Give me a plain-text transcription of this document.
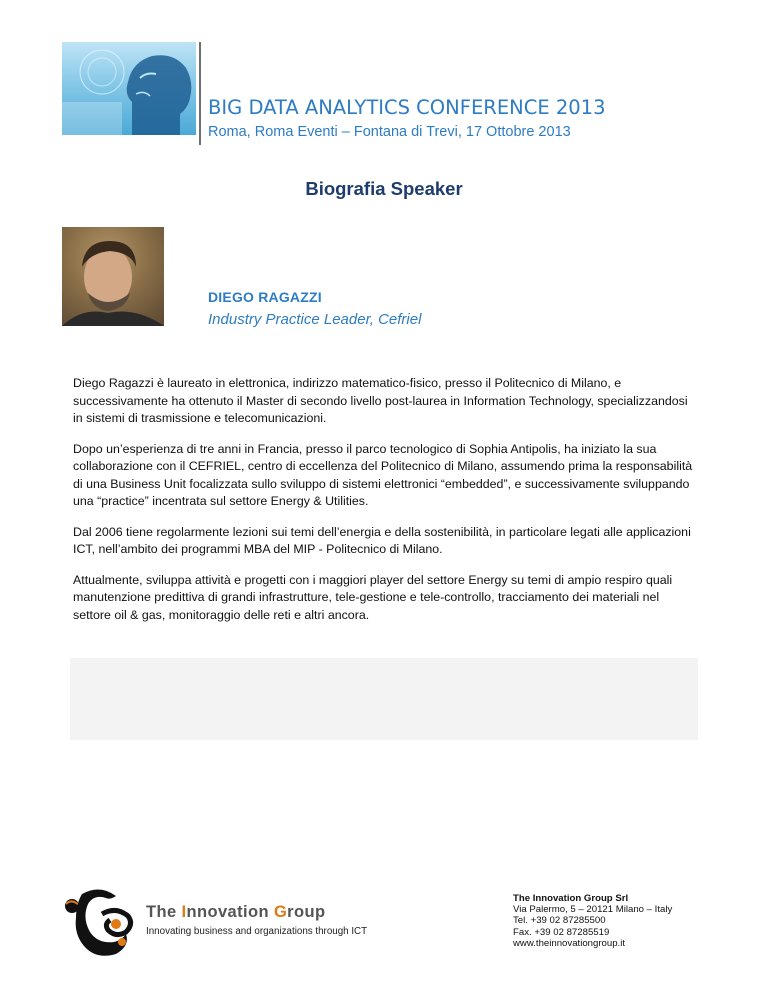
BIG DATA ANALYTICS CONFERENCE 2013
Roma, Roma Eventi – Fontana di Trevi, 17 Ottobre 2013
Biografia Speaker
DIEGO RAGAZZI
Industry Practice Leader, Cefriel

Diego Ragazzi è laureato in elettronica, indirizzo matematico-fisico, presso il Politecnico di Milano, e successivamente ha ottenuto il Master di secondo livello post-laurea in Information Technology, specializzandosi in sistemi di trasmissione e telecomunicazioni.

Dopo un’esperienza di tre anni in Francia, presso il parco tecnologico di Sophia Antipolis, ha iniziato la sua collaborazione con il CEFRIEL, centro di eccellenza del Politecnico di Milano, assumendo prima la responsabilità di una Business Unit focalizzata sullo sviluppo di sistemi elettronici “embedded”, e successivamente sviluppando una “practice” incentrata sul settore Energy & Utilities.

Dal 2006 tiene regolarmente lezioni sui temi dell’energia e della sostenibilità, in particolare legati alle applicazioni ICT, nell’ambito dei programmi MBA del MIP - Politecnico di Milano.

Attualmente, sviluppa attività e progetti con i maggiori player del settore Energy su temi di ampio respiro quali manutenzione predittiva di grandi infrastrutture, tele-gestione e tele-controllo, tracciamento dei materiali nel settore oil & gas, monitoraggio delle reti e altri ancora.

The Innovation Group
Innovating business and organizations through ICT
The Innovation Group Srl
Via Palermo, 5 – 20121 Milano – Italy
Tel. +39 02 87285500
Fax. +39 02 87285519
www.theinnovationgroup.it
